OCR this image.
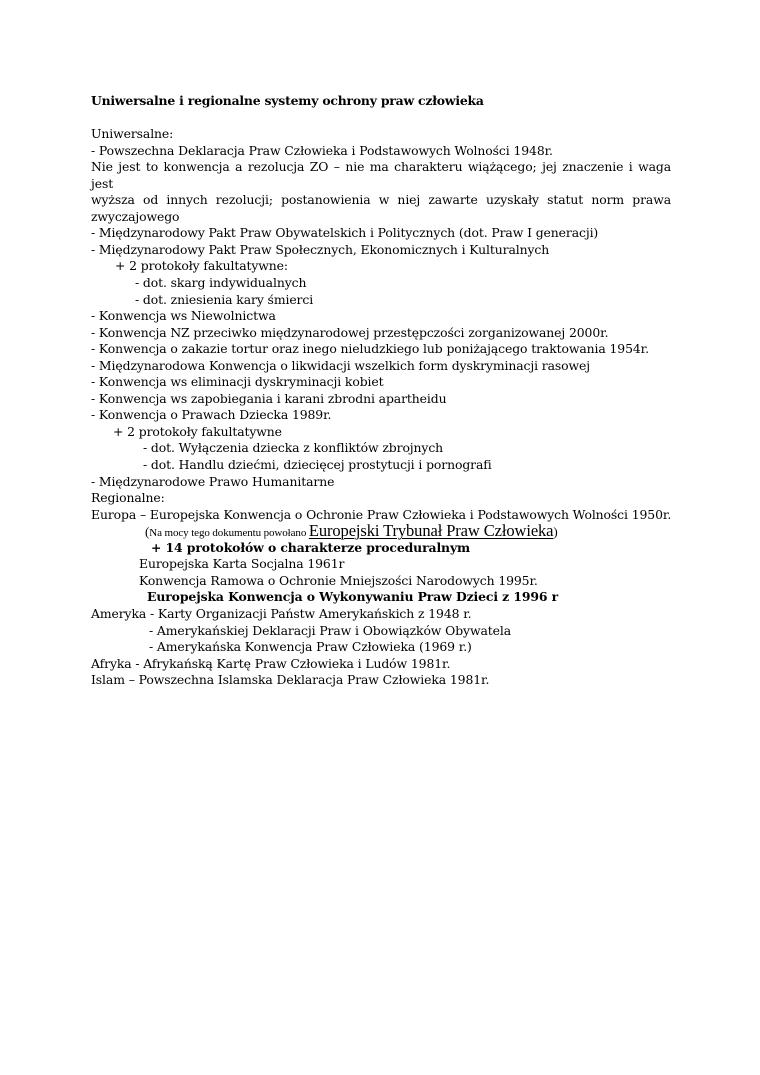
Uniwersalne i regionalne systemy ochrony praw człowieka
Uniwersalne:
- Powszechna Deklaracja Praw Człowieka i Podstawowych Wolności 1948r.
Nie jest to konwencja a rezolucja ZO – nie ma charakteru wiążącego; jej znaczenie i waga jest
wyższa od innych rezolucji; postanowienia w niej zawarte uzyskały statut norm prawa
zwyczajowego
- Międzynarodowy Pakt Praw Obywatelskich i Politycznych (dot. Praw I generacji)
- Międzynarodowy Pakt Praw Społecznych, Ekonomicznych i Kulturalnych
+ 2 protokoły fakultatywne:
- dot. skarg indywidualnych
- dot. zniesienia kary śmierci
- Konwencja ws Niewolnictwa
- Konwencja NZ przeciwko międzynarodowej przestępczości zorganizowanej 2000r.
- Konwencja o zakazie tortur oraz inego nieludzkiego lub poniżającego traktowania 1954r.
- Międzynarodowa Konwencja o likwidacji wszelkich form dyskryminacji rasowej
- Konwencja ws eliminacji dyskryminacji kobiet
- Konwencja ws zapobiegania i karani zbrodni apartheidu
- Konwencja o Prawach Dziecka 1989r.
+ 2 protokoły fakultatywne
- dot. Wyłączenia dziecka z konfliktów zbrojnych
- dot. Handlu dziećmi, dziecięcej prostytucji i pornografi
- Międzynarodowe Prawo Humanitarne
Regionalne:
Europa – Europejska Konwencja o Ochronie Praw Człowieka i Podstawowych Wolności 1950r.
(Na mocy tego dokumentu powołano Europejski Trybunał Praw Człowieka)
+ 14 protokołów o charakterze proceduralnym
Europejska Karta Socjalna 1961r
Konwencja Ramowa o Ochronie Mniejszości Narodowych 1995r.
Europejska Konwencja o Wykonywaniu Praw Dzieci z 1996 r
Ameryka - Karty Organizacji Państw Amerykańskich z 1948 r.
- Amerykańskiej Deklaracji Praw i Obowiązków Obywatela
- Amerykańska Konwencja Praw Człowieka (1969 r.)
Afryka - Afrykańską Kartę Praw Człowieka i Ludów 1981r.
Islam – Powszechna Islamska Deklaracja Praw Człowieka 1981r.
